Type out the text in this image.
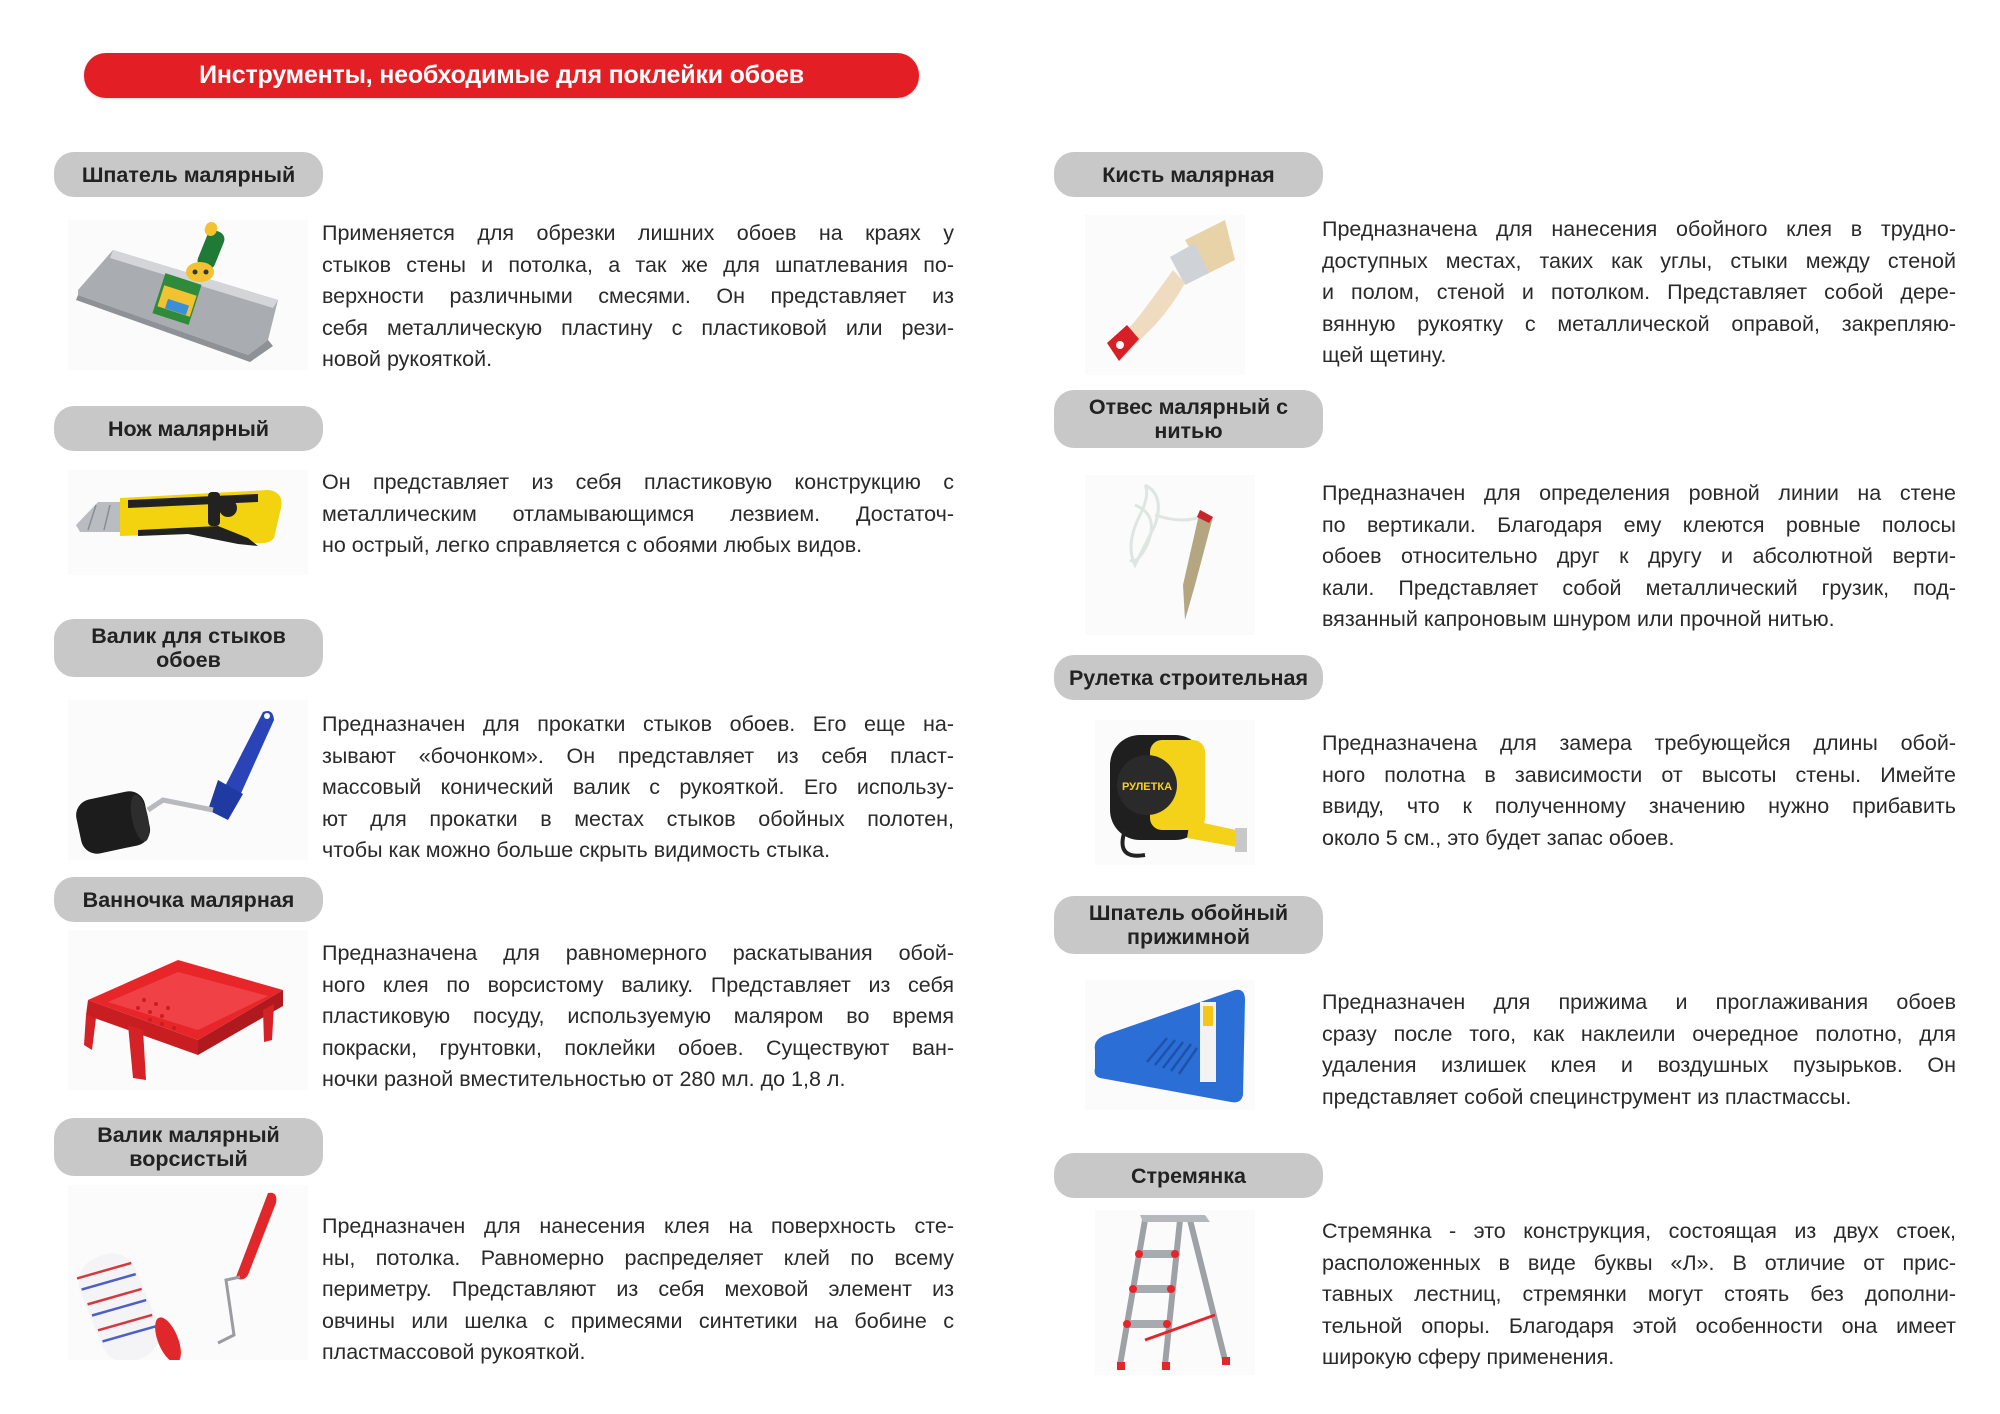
Инструменты, необходимые для поклейки обоев
Шпатель малярный
Применяется для обрезки лишних обоев на краях у
стыков стены и потолка, а так же для шпатлевания по-
верхности различными смесями. Он представляет из
себя металлическую пластину с пластиковой или рези-
новой рукояткой.
Нож малярный
Он представляет из себя пластиковую конструкцию с
металлическим отламывающимся лезвием. Достаточ-
но острый, легко справляется с обоями любых видов.
Валик для стыков
обоев
Предназначен для прокатки стыков обоев. Его еще на-
зывают «бочонком». Он представляет из себя пласт-
массовый конический валик с рукояткой. Его использу-
ют для прокатки в местах стыков обойных полотен,
чтобы как можно больше скрыть видимость стыка.
Ванночка малярная
Предназначена для равномерного раскатывания обой-
ного клея по ворсистому валику. Представляет из себя
пластиковую посуду, используемую маляром во время
покраски, грунтовки, поклейки обоев. Существуют ван-
ночки разной вместительностью от 280 мл. до 1,8 л.
Валик малярный
ворсистый
Предназначен для нанесения клея на поверхность сте-
ны, потолка. Равномерно распределяет клей по всему
периметру. Представляют из себя меховой элемент из
овчины или шелка с примесями синтетики на бобине с
пластмассовой рукояткой.
Кисть малярная
Предназначена для нанесения обойного клея в трудно-
доступных местах, таких как углы, стыки между стеной
и полом, стеной и потолком. Представляет собой дере-
вянную рукоятку с металлической оправой, закрепляю-
щей щетину.
Отвес малярный с
нитью
Предназначен для определения ровной линии на стене
по вертикали. Благодаря ему клеются ровные полосы
обоев относительно друг к другу и абсолютной верти-
кали. Представляет собой металлический грузик, под-
вязанный капроновым шнуром или прочной нитью.
Рулетка строительная
РУЛЕТКА
Предназначена для замера требующейся длины обой-
ного полотна в зависимости от высоты стены. Имейте
ввиду, что к полученному значению нужно прибавить
около 5 см., это будет запас обоев.
Шпатель обойный
прижимной
Предназначен для прижима и проглаживания обоев
сразу после того, как наклеили очередное полотно, для
удаления излишек клея и воздушных пузырьков. Он
представляет собой специнструмент из пластмассы.
Стремянка
Стремянка - это конструкция, состоящая из двух стоек,
расположенных в виде буквы «Л». В отличие от прис-
тавных лестниц, стремянки могут стоять без дополни-
тельной опоры. Благодаря этой особенности она имеет
широкую сферу применения.
